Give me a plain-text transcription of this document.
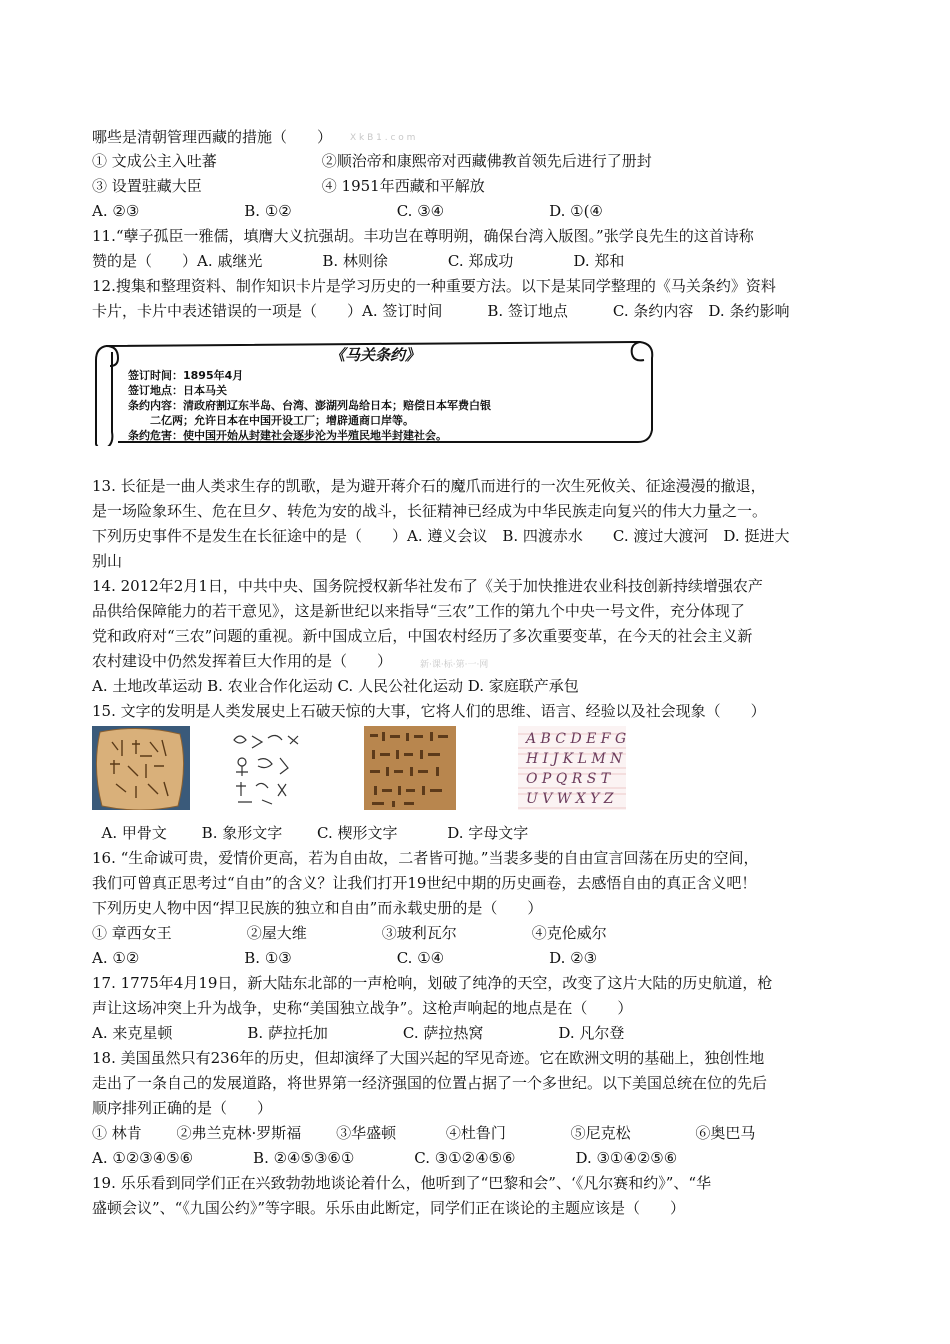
哪些是清朝管理西藏的措施（　　） X k B 1 . c o m
① 文成公主入吐蕃　　　　　　　②顺治帝和康熙帝对西藏佛教首领先后进行了册封
③ 设置驻藏大臣　　　　　　　　④ 1951年西藏和平解放
A. ②③　　　　　　　B. ①②　　　　　　　C. ③④　　　　　　　D. ①(④
11.“孽子孤臣一雅儒，填膺大义抗强胡。丰功岂在尊明朔，确保台湾入版图。”张学良先生的这首诗称
赞的是（　　）A. 戚继光　　　　B. 林则徐　　　　C. 郑成功　　　　D. 郑和
12.搜集和整理资料、制作知识卡片是学习历史的一种重要方法。以下是某同学整理的《马关条约》资料
卡片，卡片中表述错误的一项是（　　）A. 签订时间　　　B. 签订地点　　　C. 条约内容　D. 条约影响
《马关条约》
签订时间：1895年4月
签订地点：日本马关
条约内容：清政府割辽东半岛、台湾、澎湖列岛给日本；赔偿日本军费白银
　　二亿两；允许日本在中国开设工厂；增辟通商口岸等。
条约危害：使中国开始从封建社会逐步沦为半殖民地半封建社会。
13. 长征是一曲人类求生存的凯歌，是为避开蒋介石的魔爪而进行的一次生死攸关、征途漫漫的撤退，
是一场险象环生、危在旦夕、转危为安的战斗，长征精神已经成为中华民族走向复兴的伟大力量之一。
下列历史事件不是发生在长征途中的是（　　）A. 遵义会议　B. 四渡赤水　　C. 渡过大渡河　D. 挺进大
别山
14. 2012年2月1日，中共中央、国务院授权新华社发布了《关于加快推进农业科技创新持续增强农产
品供给保障能力的若干意见》，这是新世纪以来指导“三农”工作的第九个中央一号文件，充分体现了
党和政府对“三农”问题的重视。新中国成立后，中国农村经历了多次重要变革，在今天的社会主义新
农村建设中仍然发挥着巨大作用的是（　　）	新·课·标·第·一·网
A. 土地改革运动 B. 农业合作化运动 C. 人民公社化运动 D. 家庭联产承包
15. 文字的发明是人类发展史上石破天惊的大事，它将人们的思维、语言、经验以及社会现象（　　）
A B C D E F G
H I J K L M N
O P Q R S T
U V W X Y Z
A. 甲骨文　　 B. 象形文字　　 C. 楔形文字　　　 D. 字母文字
16. “生命诚可贵，爱情价更高，若为自由故，二者皆可抛。”当裴多斐的自由宣言回荡在历史的空间，
我们可曾真正思考过“自由”的含义？让我们打开19世纪中期的历史画卷，去感悟自由的真正含义吧！
下列历史人物中因“捍卫民族的独立和自由”而永载史册的是（　　）
① 章西女王　　　　　②屋大维　　　　　③玻利瓦尔　　　　　④克伦威尔
A. ①②　　　　　　　B. ①③　　　　　　　C. ①④　　　　　　　D. ②③
17. 1775年4月19日，新大陆东北部的一声枪响，划破了纯净的天空，改变了这片大陆的历史航道，枪
声让这场冲突上升为战争，史称“美国独立战争”。这枪声响起的地点是在（　　）
A. 来克星顿　　　　　B. 萨拉托加　　　　　C. 萨拉热窝　　　　　D. 凡尔登
18. 美国虽然只有236年的历史，但却演绎了大国兴起的罕见奇迹。它在欧洲文明的基础上，独创性地
走出了一条自己的发展道路，将世界第一经济强国的位置占据了一个多世纪。以下美国总统在位的先后
顺序排列正确的是（　　）
① 林肯　　 ②弗兰克林·罗斯福　　 ③华盛顿　　　 ④杜鲁门　　　　 ⑤尼克松　　　　 ⑥奥巴马
A. ①②③④⑤⑥　　　　B. ②④⑤③⑥①　　　　C. ③①②④⑤⑥　　　　D. ③①④②⑤⑥
19. 乐乐看到同学们正在兴致勃勃地谈论着什么，他听到了“巴黎和会”、‘《凡尔赛和约》”、“华
盛顿会议”、“《九国公约》”等字眼。乐乐由此断定，同学们正在谈论的主题应该是（　　）
